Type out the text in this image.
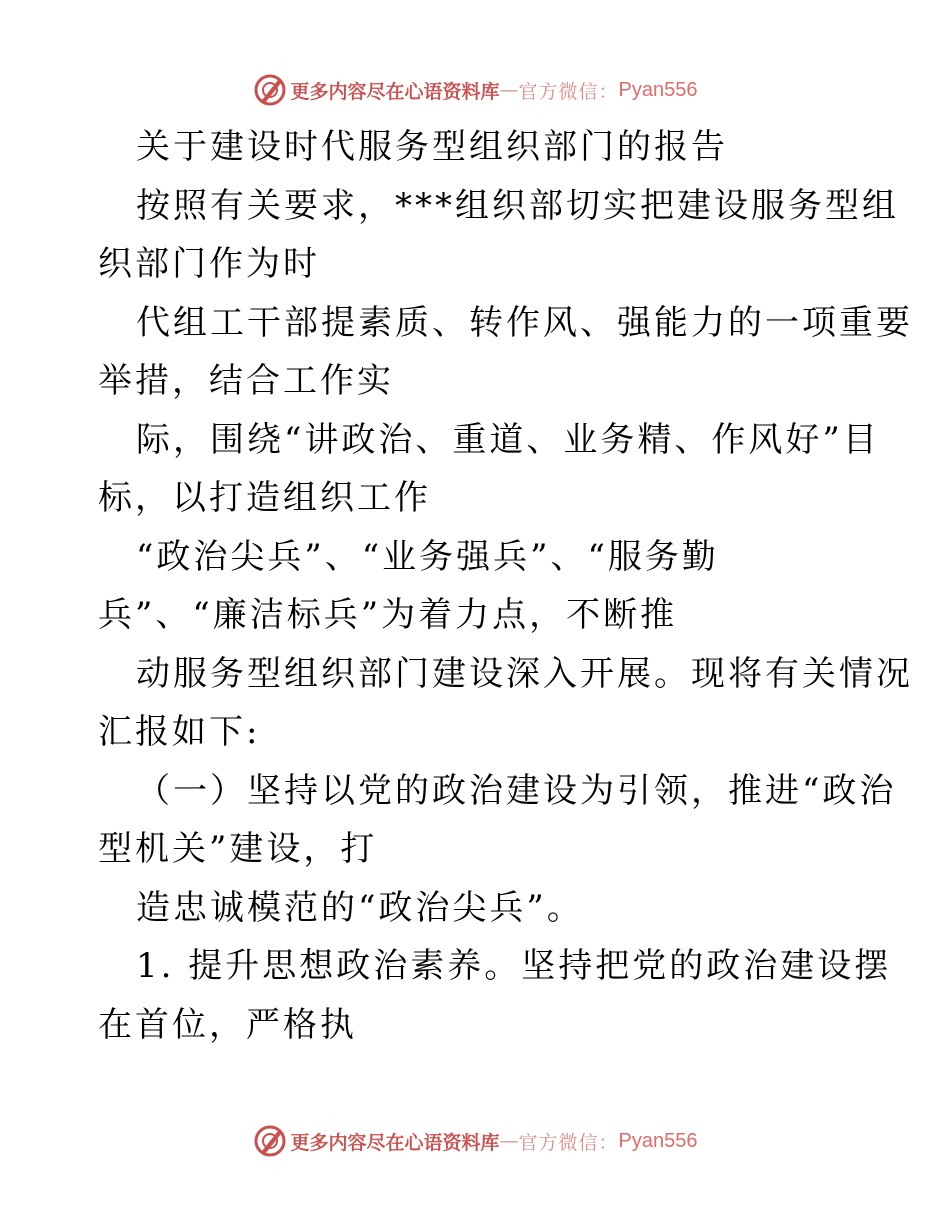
更多内容尽在心语资料库 — 官方微信： Pyan556
关于建设时代服务型组织部门的报告
按照有关要求，***组织部切实把建设服务型组
织部门作为时
代组工干部提素质、转作风、强能力的一项重要
举措，结合工作实
际，围绕“讲政治、重道、业务精、作风好”目
标，以打造组织工作
“政治尖兵”、“业务强兵”、“服务勤
兵”、“廉洁标兵”为着力点，不断推
动服务型组织部门建设深入开展。现将有关情况
汇报如下:
（一）坚持以党的政治建设为引领，推进“政治
型机关”建设，打
造忠诚模范的“政治尖兵”。
1. 提升思想政治素养。坚持把党的政治建设摆
在首位，严格执
更多内容尽在心语资料库 — 官方微信： Pyan556
